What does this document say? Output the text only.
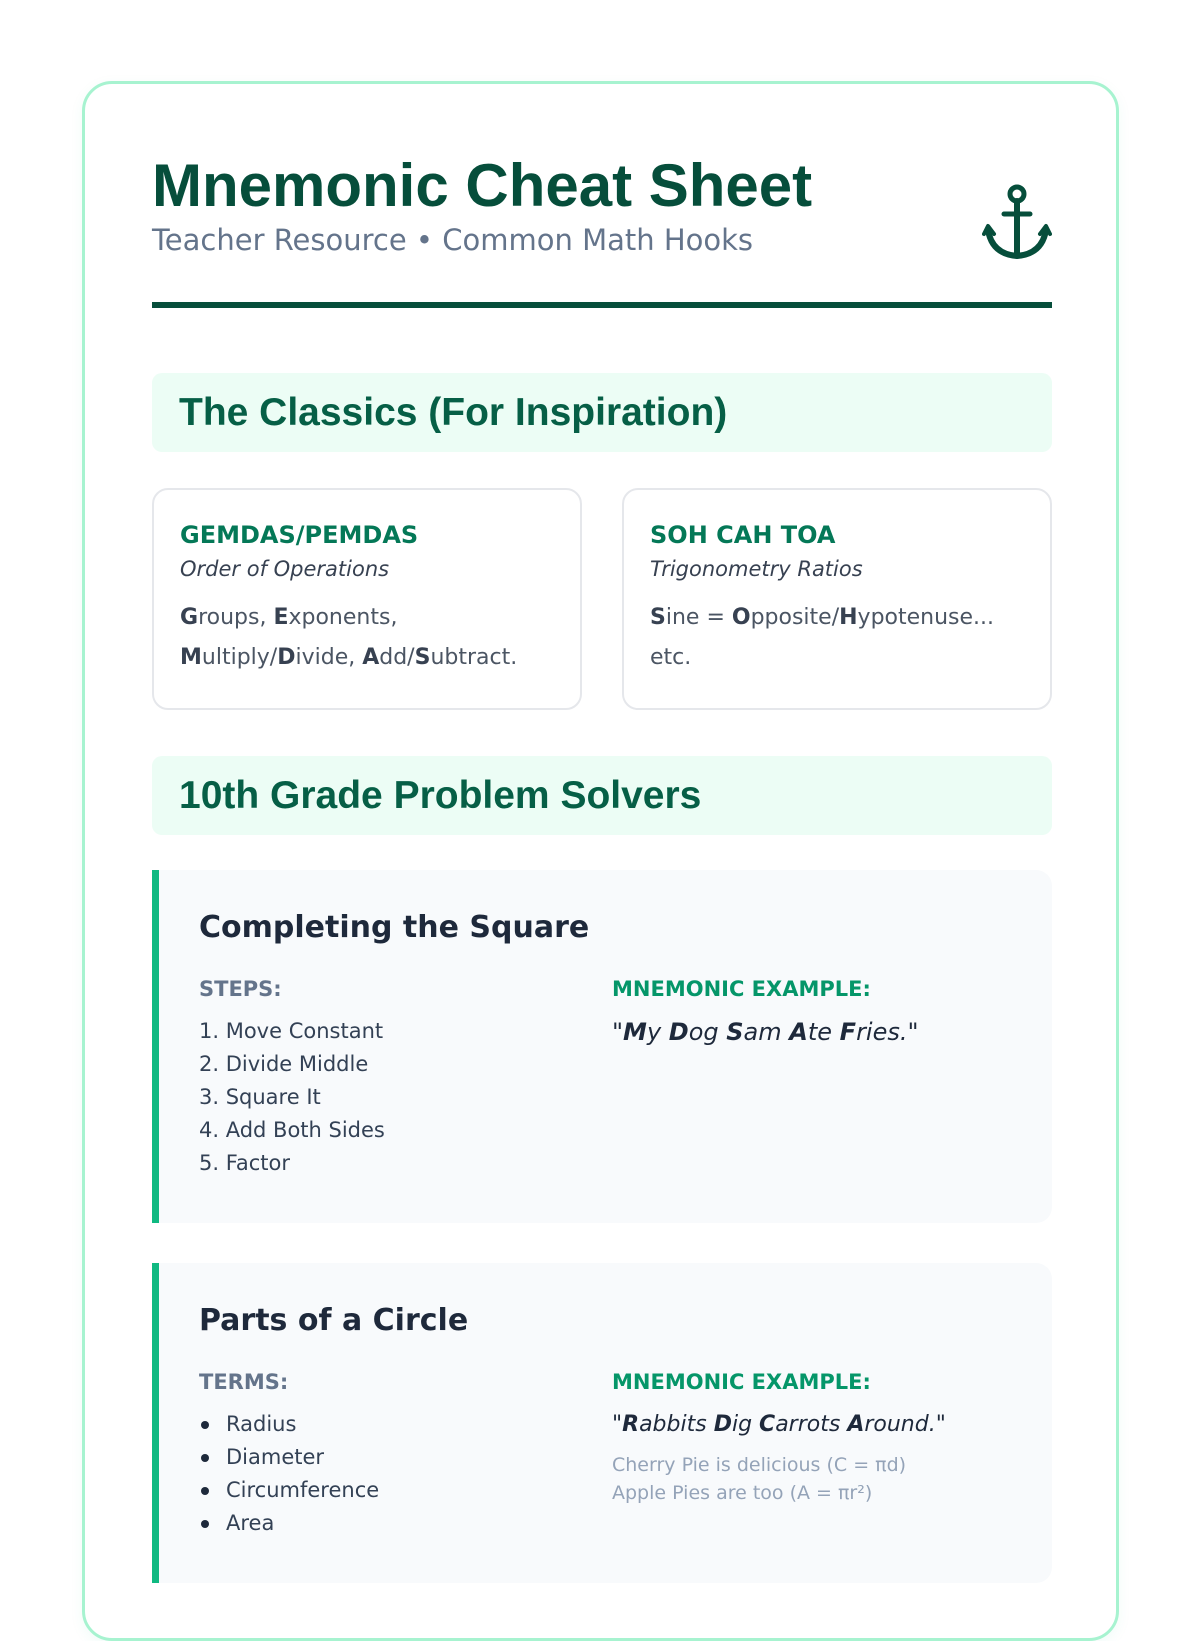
Mnemonic Cheat Sheet
Teacher Resource • Common Math Hooks
The Classics (For Inspiration)
GEMDAS/PEMDAS
Order of Operations
Groups, Exponents, Multiply/Divide, Add/Subtract.
SOH CAH TOA
Trigonometry Ratios
Sine = Opposite/Hypotenuse... etc.
10th Grade Problem Solvers
Completing the Square
STEPS:	MNEMONIC EXAMPLE:
1. Move Constant
2. Divide Middle
3. Square It
4. Add Both Sides
5. Factor
"My Dog Sam Ate Fries."
Parts of a Circle
TERMS:	MNEMONIC EXAMPLE:
Radius
Diameter
Circumference
Area
"Rabbits Dig Carrots Around."
Cherry Pie is delicious (C = πd)
Apple Pies are too (A = πr²)
